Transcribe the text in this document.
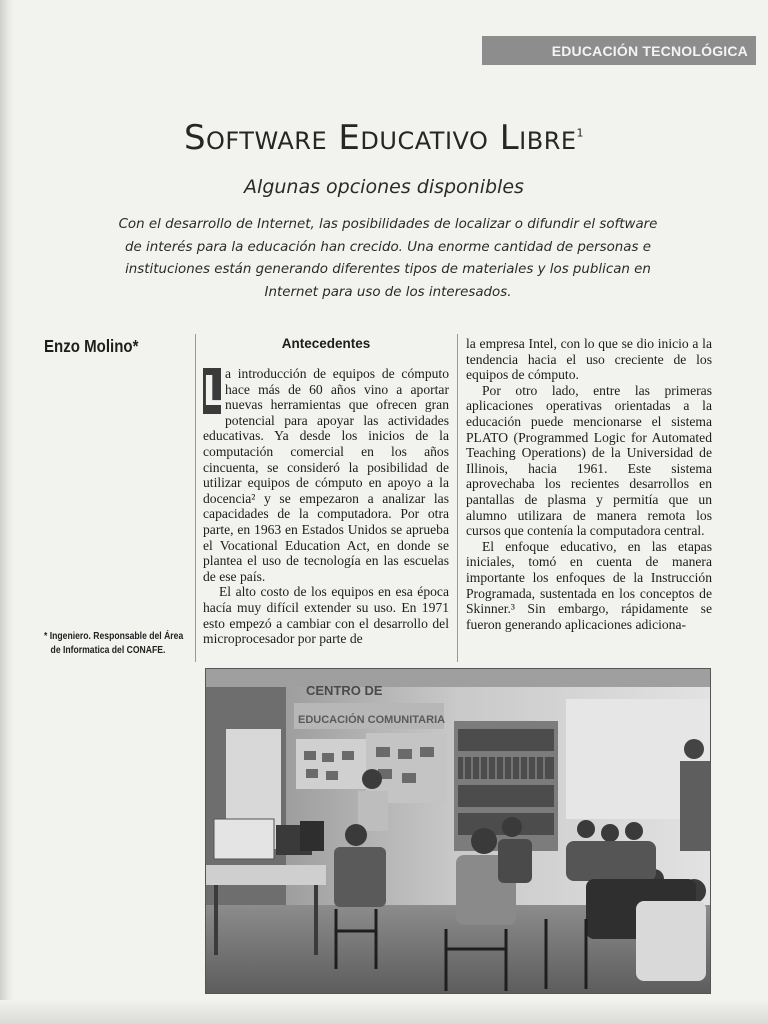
EDUCACIÓN TECNOLÓGICA
Software Educativo Libre$^1$
Algunas opciones disponibles
Con el desarrollo de Internet, las posibilidades de localizar o difundir el software de interés para la educación han crecido. Una enorme cantidad de personas e instituciones están generando diferentes tipos de materiales y los publican en Internet para uso de los interesados.
Enzo Molino*
* Ingeniero. Responsable del Área
de Informatica del CONAFE.
Antecedentes

L
a introducción de equipos de cómputo hace más de 60 años vino a aportar nuevas herramientas que ofrecen gran potencial para apoyar las actividades educativas. Ya desde los inicios de la computación comercial en los años cincuenta, se consideró la posibilidad de utilizar equipos de cómputo en apoyo a la docencia² y se empezaron a analizar las capacidades de la computadora. Por otra parte, en 1963 en Estados Unidos se aprueba el Vocational Education Act, en donde se plantea el uso de tecnología en las escuelas de ese país.

El alto costo de los equipos en esa época hacía muy difícil extender su uso. En 1971 esto empezó a cambiar con el desarrollo del microprocesador por parte de

la empresa Intel, con lo que se dio inicio a la tendencia hacia el uso creciente de los equipos de cómputo.

Por otro lado, entre las primeras aplicaciones operativas orientadas a la educación puede mencionarse el sistema PLATO (Programmed Logic for Automated Teaching Operations) de la Universidad de Illinois, hacia 1961. Este sistema aprovechaba los recientes desarrollos en pantallas de plasma y permitía que un alumno utilizara de manera remota los cursos que contenía la computadora central.

El enfoque educativo, en las etapas iniciales, tomó en cuenta de manera importante los enfoques de la Instrucción Programada, sustentada en los conceptos de Skinner.³ Sin embargo, rápidamente se fueron generando aplicaciones adiciona-

CENTRO DE
EDUCACIÓN COMUNITARIA
